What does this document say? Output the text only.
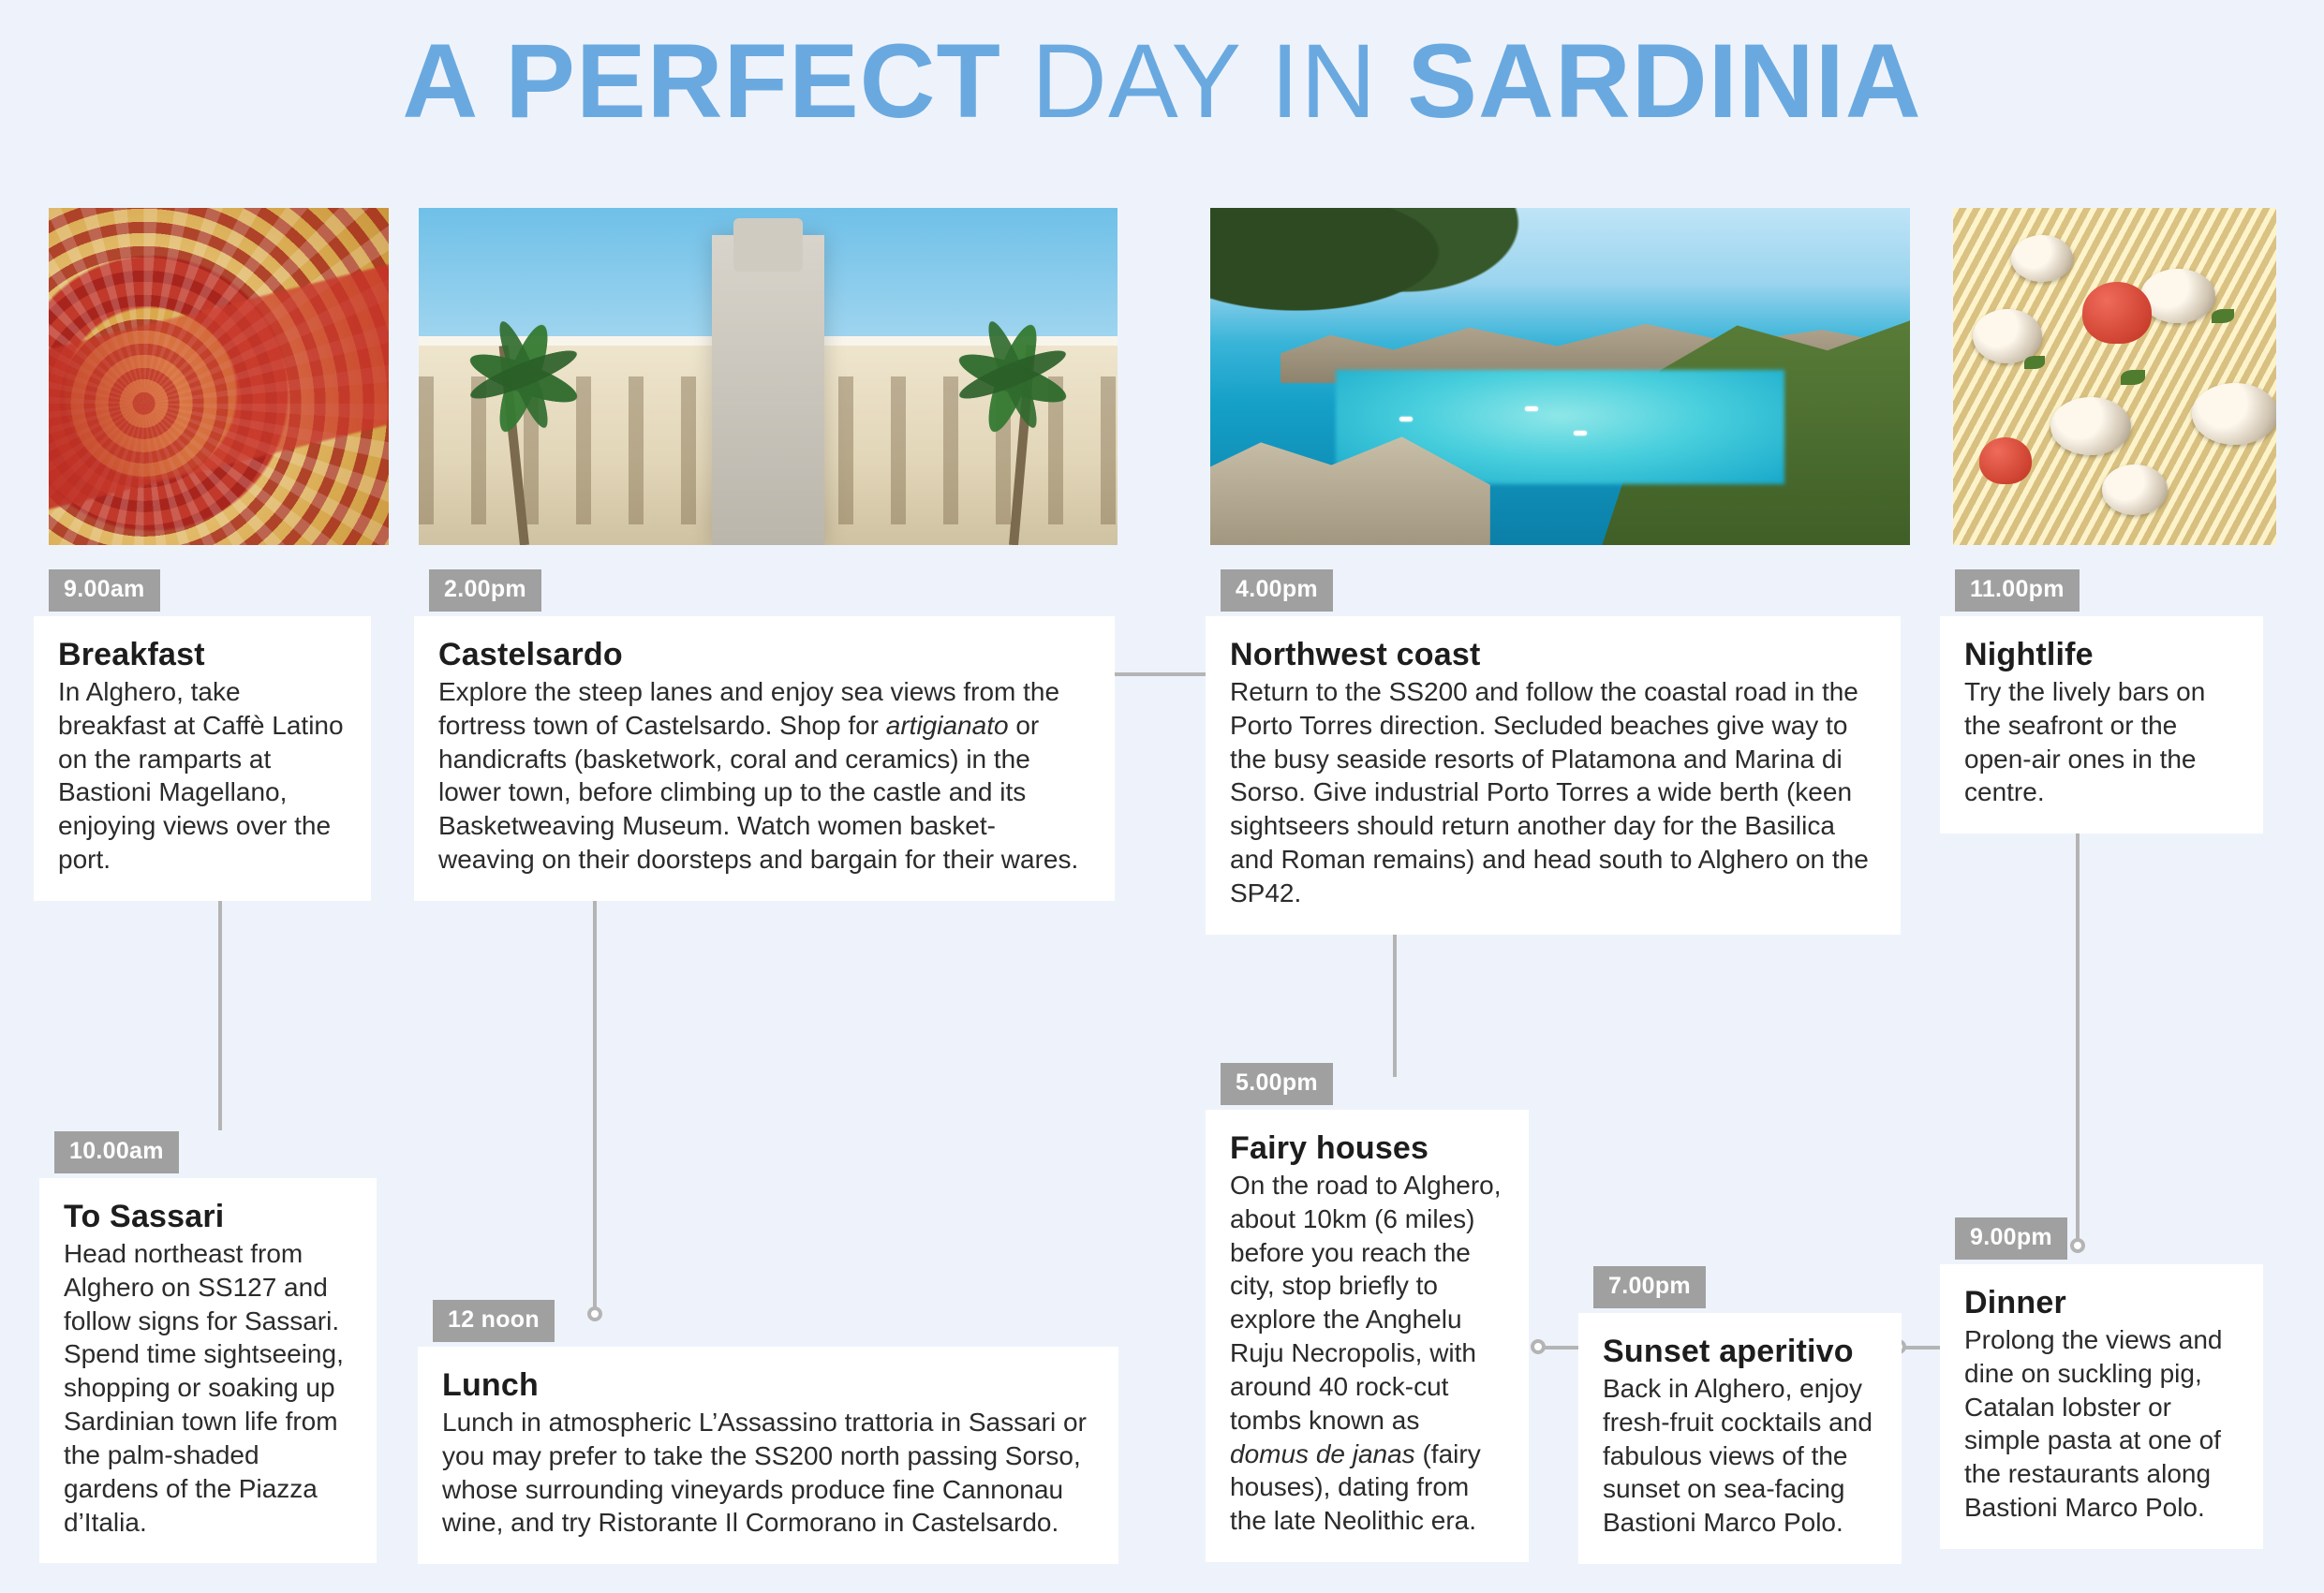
A PERFECT DAY IN SARDINIA
9.00am
Breakfast

In Alghero, take breakfast at Caffè Latino on the ramparts at Bastioni Magellano, enjoying views over the port.

10.00am
To Sassari

Head northeast from Alghero on SS127 and follow signs for Sassari. Spend time sightseeing, shopping or soaking up Sardinian town life from the palm-shaded gardens of the Piazza d’Italia.

12 noon
Lunch

Lunch in atmospheric L’Assassino trattoria in Sassari or you may prefer to take the SS200 north passing Sorso, whose surrounding vineyards produce fine Cannonau wine, and try Ristorante Il Cormorano in Castelsardo.

2.00pm
Castelsardo

Explore the steep lanes and enjoy sea views from the fortress town of Castelsardo. Shop for artigianato or handicrafts (basketwork, coral and ceramics) in the lower town, before climbing up to the castle and its Basketweaving Museum. Watch women basket-weaving on their doorsteps and bargain for their wares.

4.00pm
Northwest coast

Return to the SS200 and follow the coastal road in the Porto Torres direction. Secluded beaches give way to the busy seaside resorts of Platamona and Marina di Sorso. Give industrial Porto Torres a wide berth (keen sightseers should return another day for the Basilica and Roman remains) and head south to Alghero on the SP42.

5.00pm
Fairy houses

On the road to Alghero, about 10km (6 miles) before you reach the city, stop briefly to explore the Anghelu Ruju Necropolis, with around 40 rock-cut tombs known as domus de janas (fairy houses), dating from the late Neolithic era.

7.00pm
Sunset aperitivo

Back in Alghero, enjoy fresh-fruit cocktails and fabulous views of the sunset on sea-facing Bastioni Marco Polo.

9.00pm
Dinner

Prolong the views and dine on suckling pig, Catalan lobster or simple pasta at one of the restaurants along Bastioni Marco Polo.

11.00pm
Nightlife

Try the lively bars on the seafront or the open-air ones in the centre.
